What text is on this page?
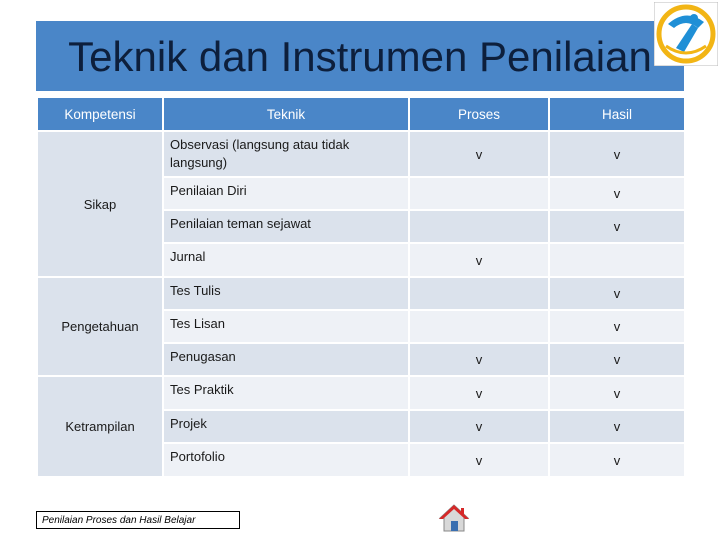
Teknik dan Instrumen Penilaian
Kompetensi	Teknik	Proses	Hasil
Sikap	Observasi (langsung atau tidak langsung)	v	v
	Penilaian Diri		v
	Penilaian teman sejawat		v
	Jurnal	v	
Pengetahuan	Tes Tulis		v
	Tes Lisan		v
	Penugasan	v	v
Ketrampilan	Tes Praktik	v	v
	Projek	v	v
	Portofolio	v	v
Penilaian Proses dan Hasil Belajar
